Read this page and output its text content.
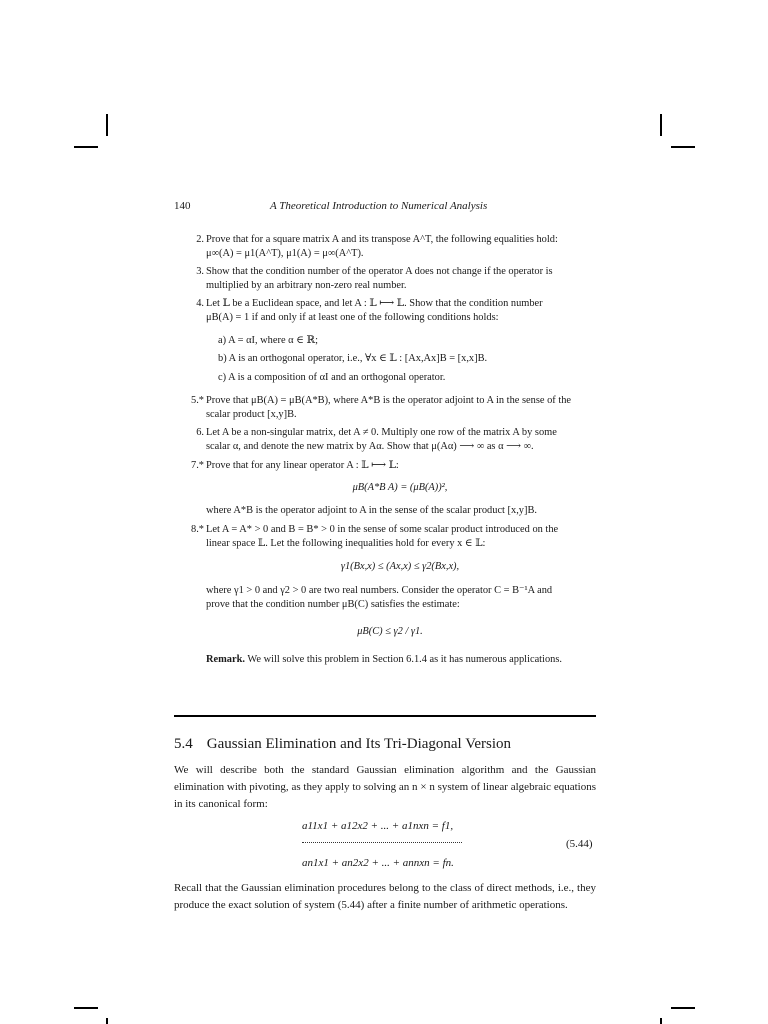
140	A Theoretical Introduction to Numerical Analysis
2. Prove that for a square matrix A and its transpose A^T, the following equalities hold:
μ∞(A) = μ1(A^T), μ1(A) = μ∞(A^T).
3. Show that the condition number of the operator A does not change if the operator is
multiplied by an arbitrary non-zero real number.
4. Let 𝕃 be a Euclidean space, and let A : 𝕃 ⟼ 𝕃. Show that the condition number
μB(A) = 1 if and only if at least one of the following conditions holds:
a) A = αI, where α ∈ ℝ;
b) A is an orthogonal operator, i.e., ∀x ∈ 𝕃 : [Ax,Ax]B = [x,x]B.
c) A is a composition of αI and an orthogonal operator.
5.* Prove that μB(A) = μB(A*B), where A*B is the operator adjoint to A in the sense of the
scalar product [x,y]B.
6. Let A be a non-singular matrix, det A ≠ 0. Multiply one row of the matrix A by some
scalar α, and denote the new matrix by Aα. Show that μ(Aα) ⟶ ∞ as α ⟶ ∞.
7.* Prove that for any linear operator A : 𝕃 ⟼ 𝕃:
μB(A*B A) = (μB(A))²,
where A*B is the operator adjoint to A in the sense of the scalar product [x,y]B.
8.* Let A = A* > 0 and B = B* > 0 in the sense of some scalar product introduced on the
linear space 𝕃. Let the following inequalities hold for every x ∈ 𝕃:
γ1(Bx,x) ≤ (Ax,x) ≤ γ2(Bx,x),
where γ1 > 0 and γ2 > 0 are two real numbers. Consider the operator C = B⁻¹A and
prove that the condition number μB(C) satisfies the estimate:
μB(C) ≤ γ2 / γ1.
Remark. We will solve this problem in Section 6.1.4 as it has numerous applications.
5.4 Gaussian Elimination and Its Tri-Diagonal Version
We will describe both the standard Gaussian elimination algorithm and the Gaussian elimination with pivoting, as they apply to solving an n × n system of linear algebraic equations in its canonical form:
a11x1 + a12x2 + ... + a1nxn = f1,
(5.44)
an1x1 + an2x2 + ... + annxn = fn.
Recall that the Gaussian elimination procedures belong to the class of direct methods, i.e., they produce the exact solution of system (5.44) after a finite number of arithmetic operations.
